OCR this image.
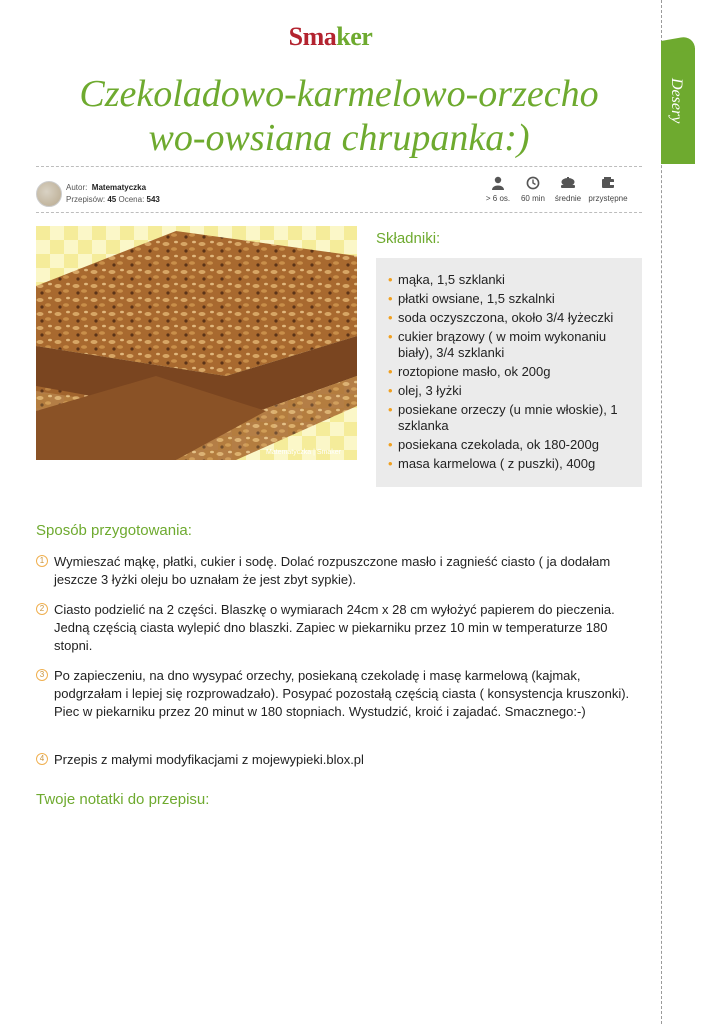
Desery
Smaker
Czekoladowo-karmelowo-orzecho
wo-owsiana chrupanka:)
Autor: Matematyczka
Przepisów: 45 Ocena: 543	> 6 os.	60 min	średnie przystępne
Matematyczka | Smaker
Składniki:
• mąka, 1,5 szklanki
• płatki owsiane, 1,5 szkalnki
• soda oczyszczona, około 3/4 łyżeczki
• cukier brązowy ( w moim wykonaniu biały), 3/4 szklanki
• roztopione masło, ok 200g
• olej, 3 łyżki
• posiekane orzeczy (u mnie włoskie), 1 szklanka
• posiekana czekolada, ok 180-200g
• masa karmelowa ( z puszki), 400g
Sposób przygotowania:
1 Wymieszać mąkę, płatki, cukier i sodę. Dolać rozpuszczone masło i zagnieść ciasto ( ja dodałam jeszcze 3 łyżki oleju bo uznałam że jest zbyt sypkie).
2 Ciasto podzielić na 2 części. Blaszkę o wymiarach 24cm x 28 cm wyłożyć papierem do pieczenia. Jedną częścią ciasta wylepić dno blaszki. Zapiec w piekarniku przez 10 min w temperaturze 180 stopni.
3 Po zapieczeniu, na dno wysypać orzechy, posiekaną czekoladę i masę karmelową (kajmak, podgrzałam i lepiej się rozprowadzało). Posypać pozostałą częścią ciasta ( konsystencja kruszonki). Piec w piekarniku przez 20 minut w 180 stopniach. Wystudzić, kroić i zajadać. Smacznego:-)
4 Przepis z małymi modyfikacjami z mojewypieki.blox.pl
Twoje notatki do przepisu:
